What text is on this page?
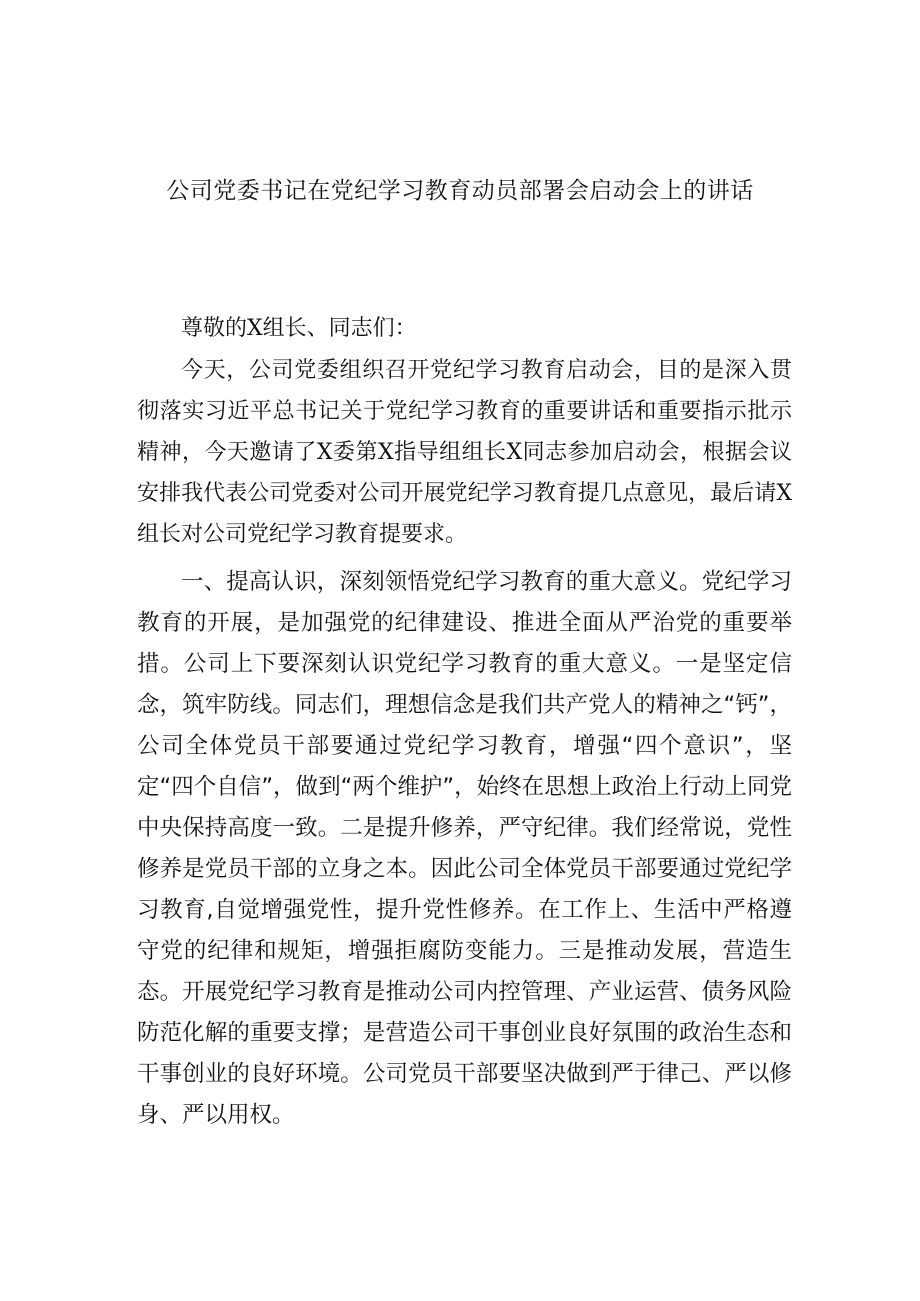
公司党委书记在党纪学习教育动员部署会启动会上的讲话
尊敬的X组长、同志们：
今天，公司党委组织召开党纪学习教育启动会，目的是深入贯彻落实习近平总书记关于党纪学习教育的重要讲话和重要指示批示精神，今天邀请了X委第X指导组组长X同志参加启动会，根据会议安排我代表公司党委对公司开展党纪学习教育提几点意见，最后请X组长对公司党纪学习教育提要求。
一、提高认识，深刻领悟党纪学习教育的重大意义。党纪学习教育的开展，是加强党的纪律建设、推进全面从严治党的重要举措。公司上下要深刻认识党纪学习教育的重大意义。一是坚定信念，筑牢防线。同志们，理想信念是我们共产党人的精神之“钙”，公司全体党员干部要通过党纪学习教育，增强“四个意识”，坚定“四个自信”，做到“两个维护”，始终在思想上政治上行动上同党中央保持高度一致。二是提升修养，严守纪律。我们经常说，党性修养是党员干部的立身之本。因此公司全体党员干部要通过党纪学习教育,自觉增强党性，提升党性修养。在工作上、生活中严格遵守党的纪律和规矩，增强拒腐防变能力。三是推动发展，营造生态。开展党纪学习教育是推动公司内控管理、产业运营、债务风险防范化解的重要支撑；是营造公司干事创业良好氛围的政治生态和干事创业的良好环境。公司党员干部要坚决做到严于律己、严以修身、严以用权。
